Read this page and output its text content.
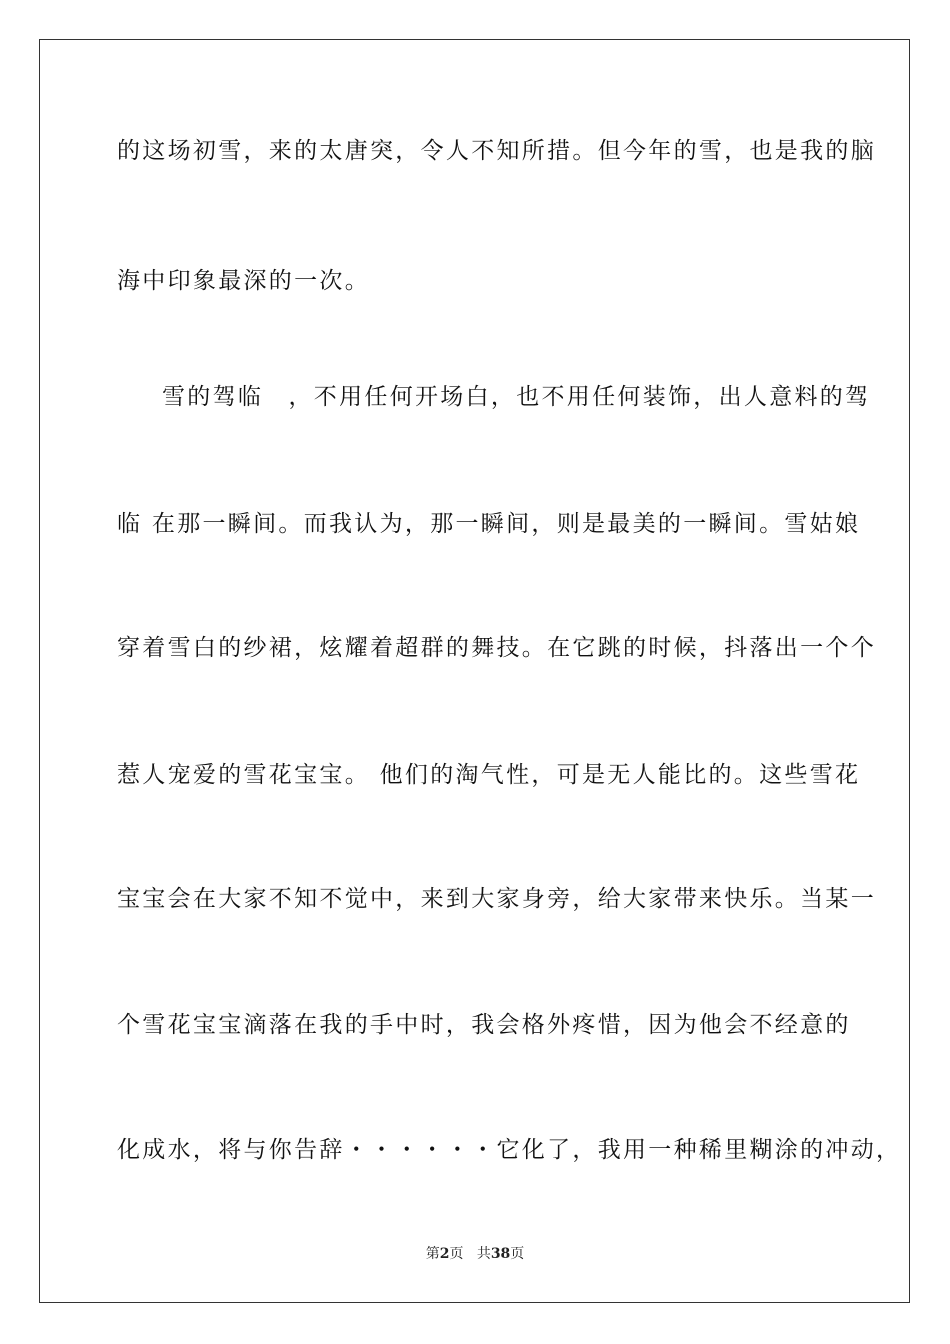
的这场初雪，来的太唐突，令人不知所措。但今年的雪，也是我的脑
海中印象最深的一次。
雪的驾临　，不用任何开场白，也不用任何装饰，出人意料的驾
临 在那一瞬间。而我认为，那一瞬间，则是最美的一瞬间。雪姑娘
穿着雪白的纱裙，炫耀着超群的舞技。在它跳的时候，抖落出一个个
惹人宠爱的雪花宝宝。 他们的淘气性，可是无人能比的。这些雪花
宝宝会在大家不知不觉中，来到大家身旁，给大家带来快乐。当某一
个雪花宝宝滴落在我的手中时，我会格外疼惜，因为他会不经意的
化成水，将与你告辞・・・・・・它化了，我用一种稀里糊涂的冲动，
第2页 共38页
